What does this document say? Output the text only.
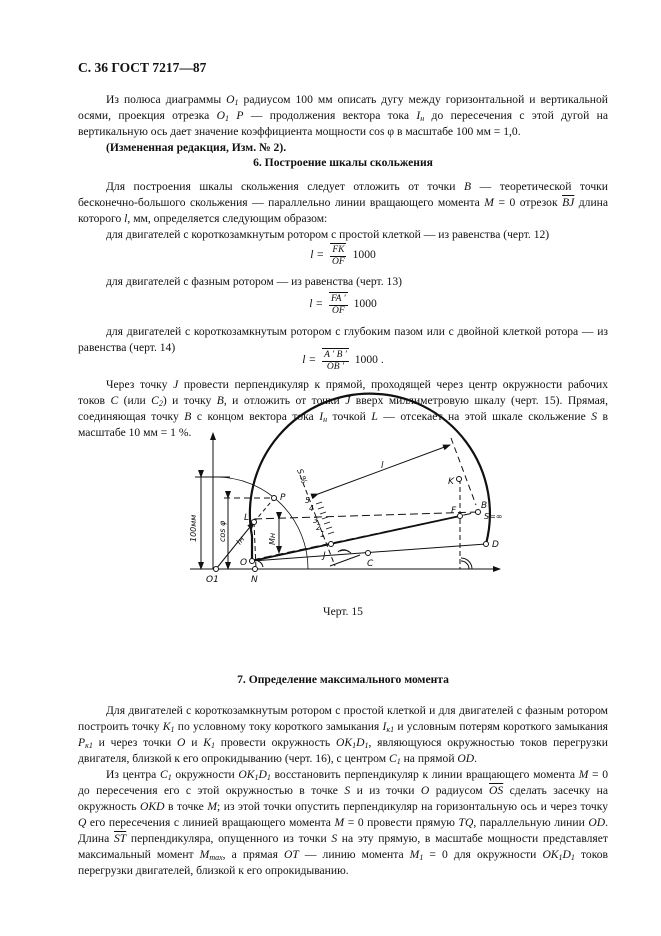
С. 36 ГОСТ 7217—87
Из полюса диаграммы $O_1$ радиусом 100 мм описать дугу между горизонтальной и вертикальной осями, проекция отрезка $O_1$ P — продолжения вектора тока $I_н$ до пересечения с этой дугой на вертикальную ось дает значение коэффициента мощности cos φ в масштабе 100 мм = 1,0.
(Измененная редакция, Изм. № 2).
6. Построение шкалы скольжения
Для построения шкалы скольжения следует отложить от точки B — теоретической точки бесконечно-большого скольжения — параллельно линии вращающего момента M = 0 отрезок $\overline{BJ}$ длина которого l, мм, определяется следующим образом:
для двигателей с короткозамкнутым ротором с простой клеткой — из равенства (черт. 12)
$l = \frac{FK}{OF} 1000$
для двигателей с фазным ротором — из равенства (черт. 13)
$l = \frac{FA '}{OF} 1000$
для двигателей с короткозамкнутым ротором с глубоким пазом или с двойной клеткой ротора — из равенства (черт. 14)
$l = \frac{A ' B '}{OB '} 1000$ .
Через точку J провести перпендикуляр к прямой, проходящей через центр окружности рабочих токов C (или $C_2$) и точку B, и отложить от точки J вверх миллиметровую шкалу (черт. 15). Прямая, соединяющая точку B с концом вектора тока $I_н$ точкой L — отсекает на этой шкале скольжение S в масштабе 10 мм = 1 %.
O1	N
O
L
P
K
B
F
D
C
J
l
S=∞
S %
5
4
3
2
1
100мм	cos φ Iн	Mн
Черт. 15
7. Определение максимального момента
Для двигателей с короткозамкнутым ротором с простой клеткой и для двигателей с фазным ротором построить точку $K_1$ по условному току короткого замыкания $I_{к1}$ и условным потерям короткого замыкания $P_{к1}$ и через точки O и $K_1$ провести окружность $OK_1D_1$, являющуюся окружностью токов перегрузки двигателя, близкой к его опрокидыванию (черт. 16), с центром $C_1$ на прямой OD.
Из центра $C_1$ окружности $OK_1D_1$ восстановить перпендикуляр к линии вращающего момента M = 0 до пересечения его с этой окружностью в точке S и из точки O радиусом $\overline{OS}$ сделать засечку на окружность OKD в точке M; из этой точки опустить перпендикуляр на горизонтальную ось и через точку Q его пересечения с линией вращающего момента M = 0 провести прямую TQ, параллельную линии OD. Длина $\overline{ST}$ перпендикуляра, опущенного из точки S на эту прямую, в масштабе мощности представляет максимальный момент $M_{max}$, а прямая OT — линию момента $M_1 = 0$ для окружности $OK_1D_1$ токов перегрузки двигателей, близкой к его опрокидыванию.
